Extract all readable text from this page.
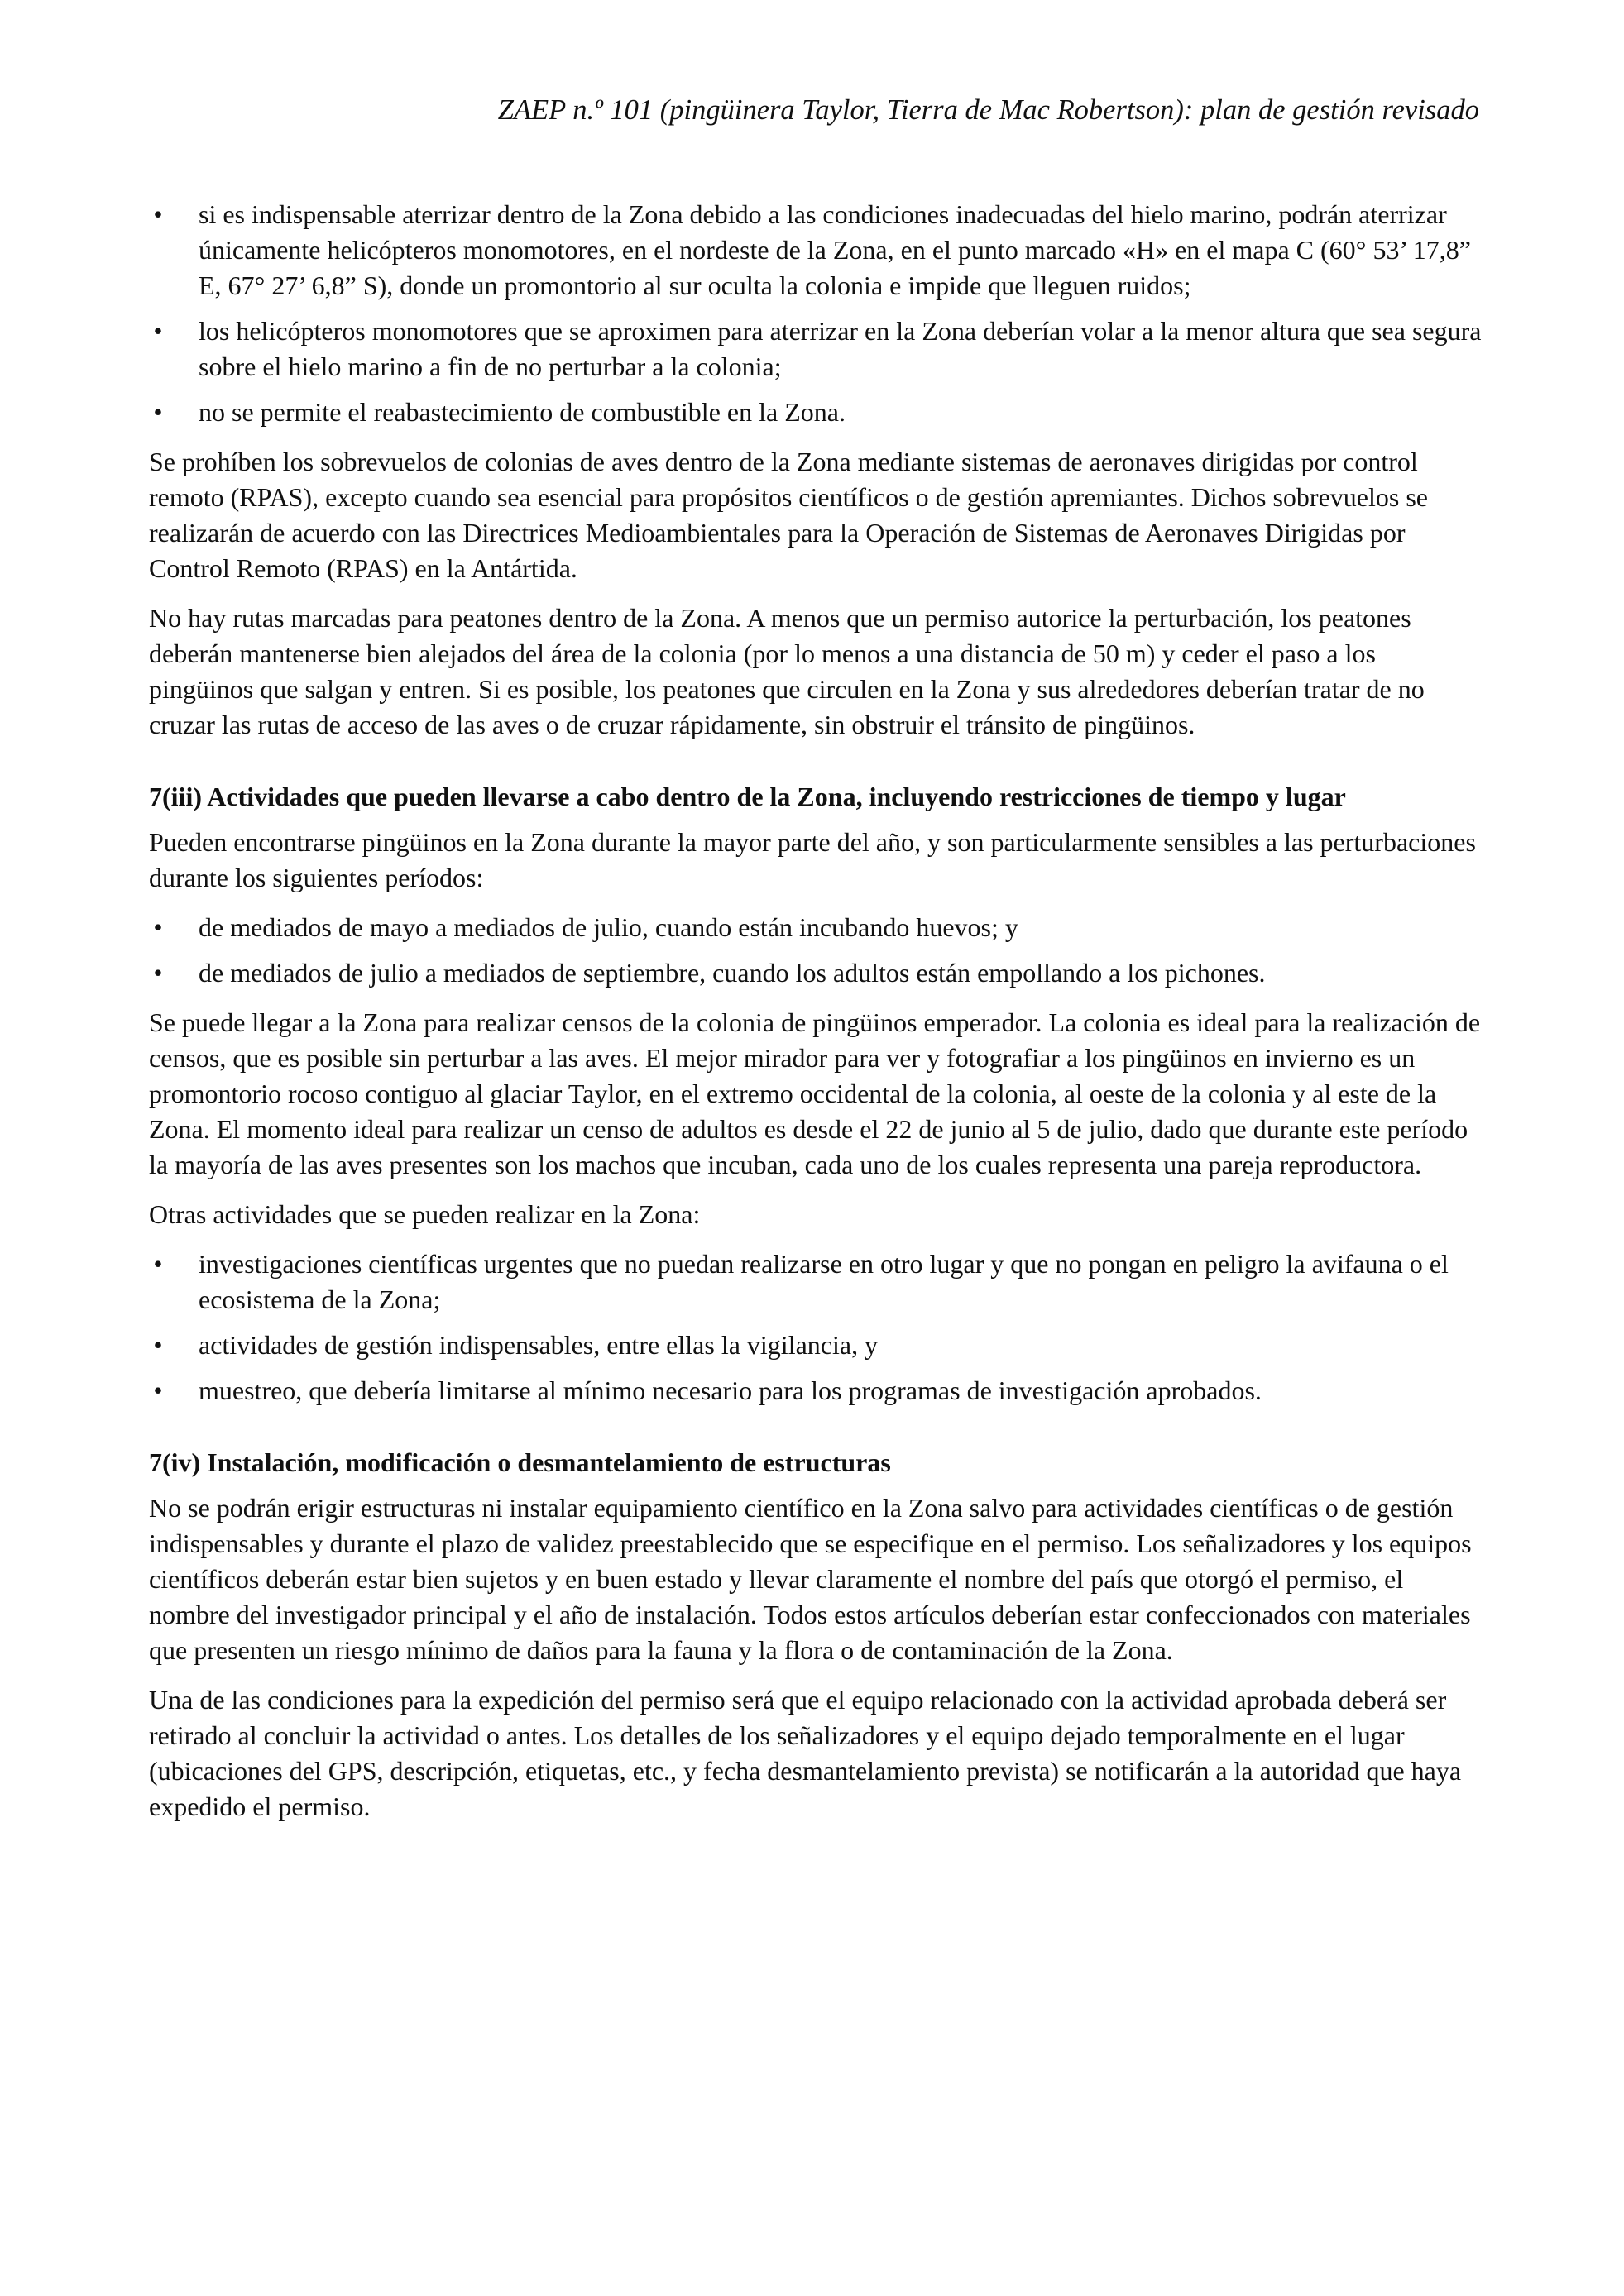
ZAEP n.º 101 (pingüinera Taylor, Tierra de Mac Robertson): plan de gestión revisado
• si es indispensable aterrizar dentro de la Zona debido a las condiciones inadecuadas del hielo marino, podrán aterrizar únicamente helicópteros monomotores, en el nordeste de la Zona, en el punto marcado «H» en el mapa C (60° 53’ 17,8” E, 67° 27’ 6,8” S), donde un promontorio al sur oculta la colonia e impide que lleguen ruidos;
• los helicópteros monomotores que se aproximen para aterrizar en la Zona deberían volar a la menor altura que sea segura sobre el hielo marino a fin de no perturbar a la colonia;
• no se permite el reabastecimiento de combustible en la Zona.

Se prohíben los sobrevuelos de colonias de aves dentro de la Zona mediante sistemas de aeronaves dirigidas por control remoto (RPAS), excepto cuando sea esencial para propósitos científicos o de gestión apremiantes. Dichos sobrevuelos se realizarán de acuerdo con las Directrices Medioambientales para la Operación de Sistemas de Aeronaves Dirigidas por Control Remoto (RPAS) en la Antártida.

No hay rutas marcadas para peatones dentro de la Zona. A menos que un permiso autorice la perturbación, los peatones deberán mantenerse bien alejados del área de la colonia (por lo menos a una distancia de 50 m) y ceder el paso a los pingüinos que salgan y entren. Si es posible, los peatones que circulen en la Zona y sus alrededores deberían tratar de no cruzar las rutas de acceso de las aves o de cruzar rápidamente, sin obstruir el tránsito de pingüinos.

7(iii) Actividades que pueden llevarse a cabo dentro de la Zona, incluyendo restricciones de tiempo y lugar

Pueden encontrarse pingüinos en la Zona durante la mayor parte del año, y son particularmente sensibles a las perturbaciones durante los siguientes períodos:

• de mediados de mayo a mediados de julio, cuando están incubando huevos; y
• de mediados de julio a mediados de septiembre, cuando los adultos están empollando a los pichones.

Se puede llegar a la Zona para realizar censos de la colonia de pingüinos emperador. La colonia es ideal para la realización de censos, que es posible sin perturbar a las aves. El mejor mirador para ver y fotografiar a los pingüinos en invierno es un promontorio rocoso contiguo al glaciar Taylor, en el extremo occidental de la colonia, al oeste de la colonia y al este de la Zona. El momento ideal para realizar un censo de adultos es desde el 22 de junio al 5 de julio, dado que durante este período la mayoría de las aves presentes son los machos que incuban, cada uno de los cuales representa una pareja reproductora.

Otras actividades que se pueden realizar en la Zona:

• investigaciones científicas urgentes que no puedan realizarse en otro lugar y que no pongan en peligro la avifauna o el ecosistema de la Zona;
• actividades de gestión indispensables, entre ellas la vigilancia, y
• muestreo, que debería limitarse al mínimo necesario para los programas de investigación aprobados.
7(iv) Instalación, modificación o desmantelamiento de estructuras

No se podrán erigir estructuras ni instalar equipamiento científico en la Zona salvo para actividades científicas o de gestión indispensables y durante el plazo de validez preestablecido que se especifique en el permiso. Los señalizadores y los equipos científicos deberán estar bien sujetos y en buen estado y llevar claramente el nombre del país que otorgó el permiso, el nombre del investigador principal y el año de instalación. Todos estos artículos deberían estar confeccionados con materiales que presenten un riesgo mínimo de daños para la fauna y la flora o de contaminación de la Zona.

Una de las condiciones para la expedición del permiso será que el equipo relacionado con la actividad aprobada deberá ser retirado al concluir la actividad o antes. Los detalles de los señalizadores y el equipo dejado temporalmente en el lugar (ubicaciones del GPS, descripción, etiquetas, etc., y fecha desmantelamiento prevista) se notificarán a la autoridad que haya expedido el permiso.
